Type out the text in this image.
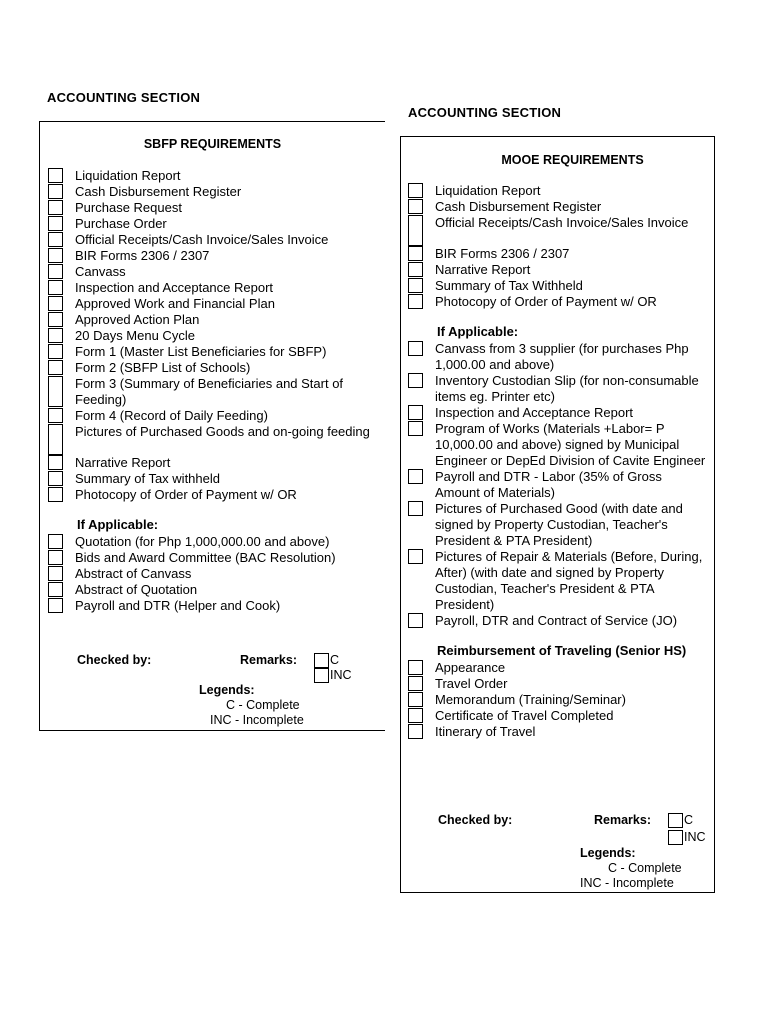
ACCOUNTING SECTION
SBFP REQUIREMENTS
Liquidation Report
Cash Disbursement Register
Purchase Request
Purchase Order
Official Receipts/Cash Invoice/Sales Invoice
BIR Forms 2306 / 2307
Canvass
Inspection and Acceptance Report
Approved Work and Financial Plan
Approved Action Plan
20 Days Menu Cycle
Form 1 (Master List Beneficiaries for SBFP)
Form 2 (SBFP List of Schools)
Form 3 (Summary of Beneficiaries and Start of Feeding)
Form 4 (Record of Daily Feeding)
Pictures of Purchased Goods and on-going feeding
Narrative Report
Summary of Tax withheld
Photocopy of Order of Payment w/ OR
If Applicable:
Quotation (for Php 1,000,000.00 and above)
Bids and Award Committee (BAC Resolution)
Abstract of Canvass
Abstract of Quotation
Payroll and DTR (Helper and Cook)
Checked by:	Remarks:	C
INC
Legends:
C - Complete
INC - Incomplete
ACCOUNTING SECTION
MOOE REQUIREMENTS
Liquidation Report
Cash Disbursement Register
Official Receipts/Cash Invoice/Sales Invoice
BIR Forms 2306 / 2307
Narrative Report
Summary of Tax Withheld
Photocopy of Order of Payment w/ OR
If Applicable:
Canvass from 3 supplier (for purchases Php 1,000.00 and above)
Inventory Custodian Slip (for non-consumable items eg. Printer etc)
Inspection and Acceptance Report
Program of Works (Materials +Labor= P 10,000.00 and above) signed by Municipal Engineer or DepEd Division of Cavite Engineer
Payroll and DTR - Labor (35% of Gross Amount of Materials)
Pictures of Purchased Good (with date and signed by Property Custodian, Teacher's President & PTA President)
Pictures of Repair & Materials (Before, During, After) (with date and signed by Property Custodian, Teacher's President & PTA President)
Payroll, DTR and Contract of Service (JO)
Reimbursement of Traveling (Senior HS)
Appearance
Travel Order
Memorandum (Training/Seminar)
Certificate of Travel Completed
Itinerary of Travel
Checked by:	Remarks:	C
INC
Legends:
C - Complete
INC - Incomplete
